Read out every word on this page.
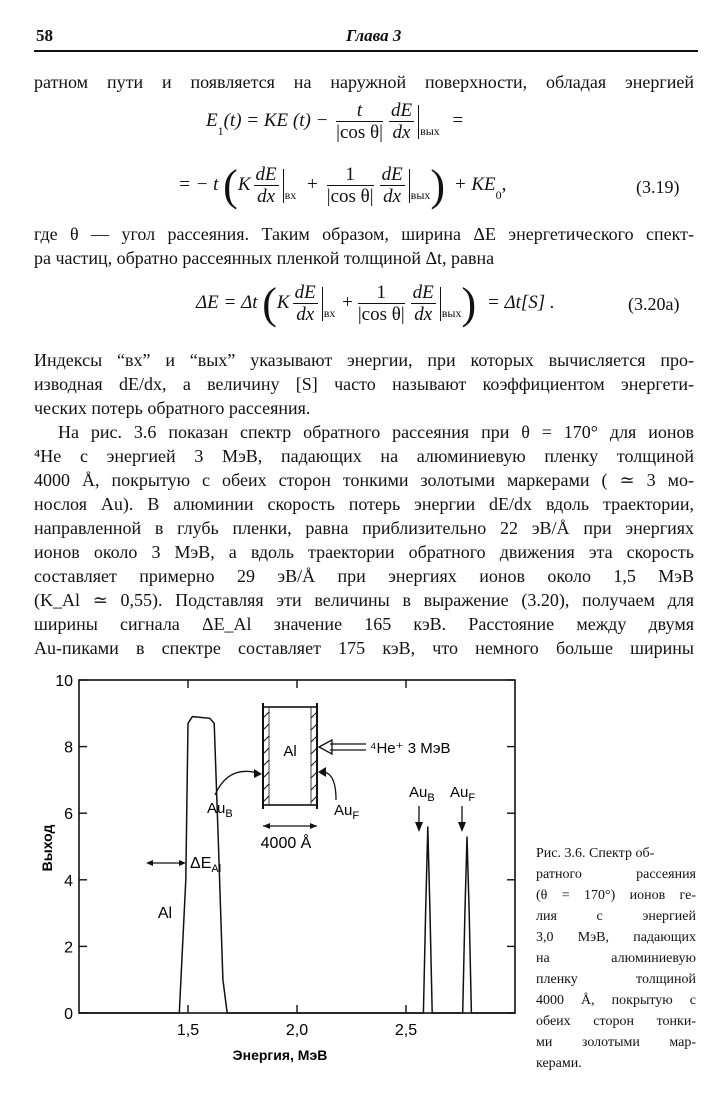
58	Глава 3
ратном пути и появляется на наружной поверхности, обладая энергией
$E_1(t)$ = KE $(t) - \frac{t}{\text{|cos θ|}} \frac{dE}{dx} _{вых}$ =
= − t $(K \frac{dE}{dx} _{вх} + \frac{1}{\text{|cos θ|}} \frac{dE}{dx} _{вых}) + KE_0$,	(3.19)
где θ — угол рассеяния. Таким образом, ширина ΔE энергетического спект-
ра частиц, обратно рассеянных пленкой толщиной Δt, равна
ΔE = Δt $(K \frac{dE}{dx} _{вх} + \frac{1}{\text{|cos θ|}} \frac{dE}{dx} _{вых}) = \Delta t[S]$ .	(3.20a)
Индексы “вх” и “вых” указывают энергии, при которых вычисляется про-
изводная dE/dx, а величину [S] часто называют коэффициентом энергети-
ческих потерь обратного рассеяния.
На рис. 3.6 показан спектр обратного рассеяния при θ = 170° для ионов
⁴He с энергией 3 МэВ, падающих на алюминиевую пленку толщиной
4000 Å, покрытую с обеих сторон тонкими золотыми маркерами ( ≃ 3 мо-
нослоя Au). В алюминии скорость потерь энергии dE/dx вдоль траектории,
направленной в глубь пленки, равна приблизительно 22 эВ/Å при энергиях
ионов около 3 МэВ, а вдоль траектории обратного движения эта скорость
составляет примерно 29 эВ/Å при энергиях ионов около 1,5 МэВ
(K_Al ≃ 0,55). Подставляя эти величины в выражение (3.20), получаем для
ширины сигнала ΔE_Al значение 165 кэВ. Расстояние между двумя
Au-пиками в спектре составляет 175 кэВ, что немного больше ширины
0
2
4
6
8
10
1,5	2,0	2,5
Выход
Энергия, МэВ
Al
$\Delta E_{Al}$
Al	⁴He⁺ 3 МэВ
$Au_B$	$Au_F$
4000 Å
$Au_B$ $Au_F$
Рис. 3.6. Спектр об-
ратного рассеяния
(θ = 170°) ионов ге-
лия с энергией
3,0 МэВ, падающих
на алюминиевую
пленку толщиной
4000 Å, покрытую с
обеих сторон тонки-
ми золотыми мар-
керами.
